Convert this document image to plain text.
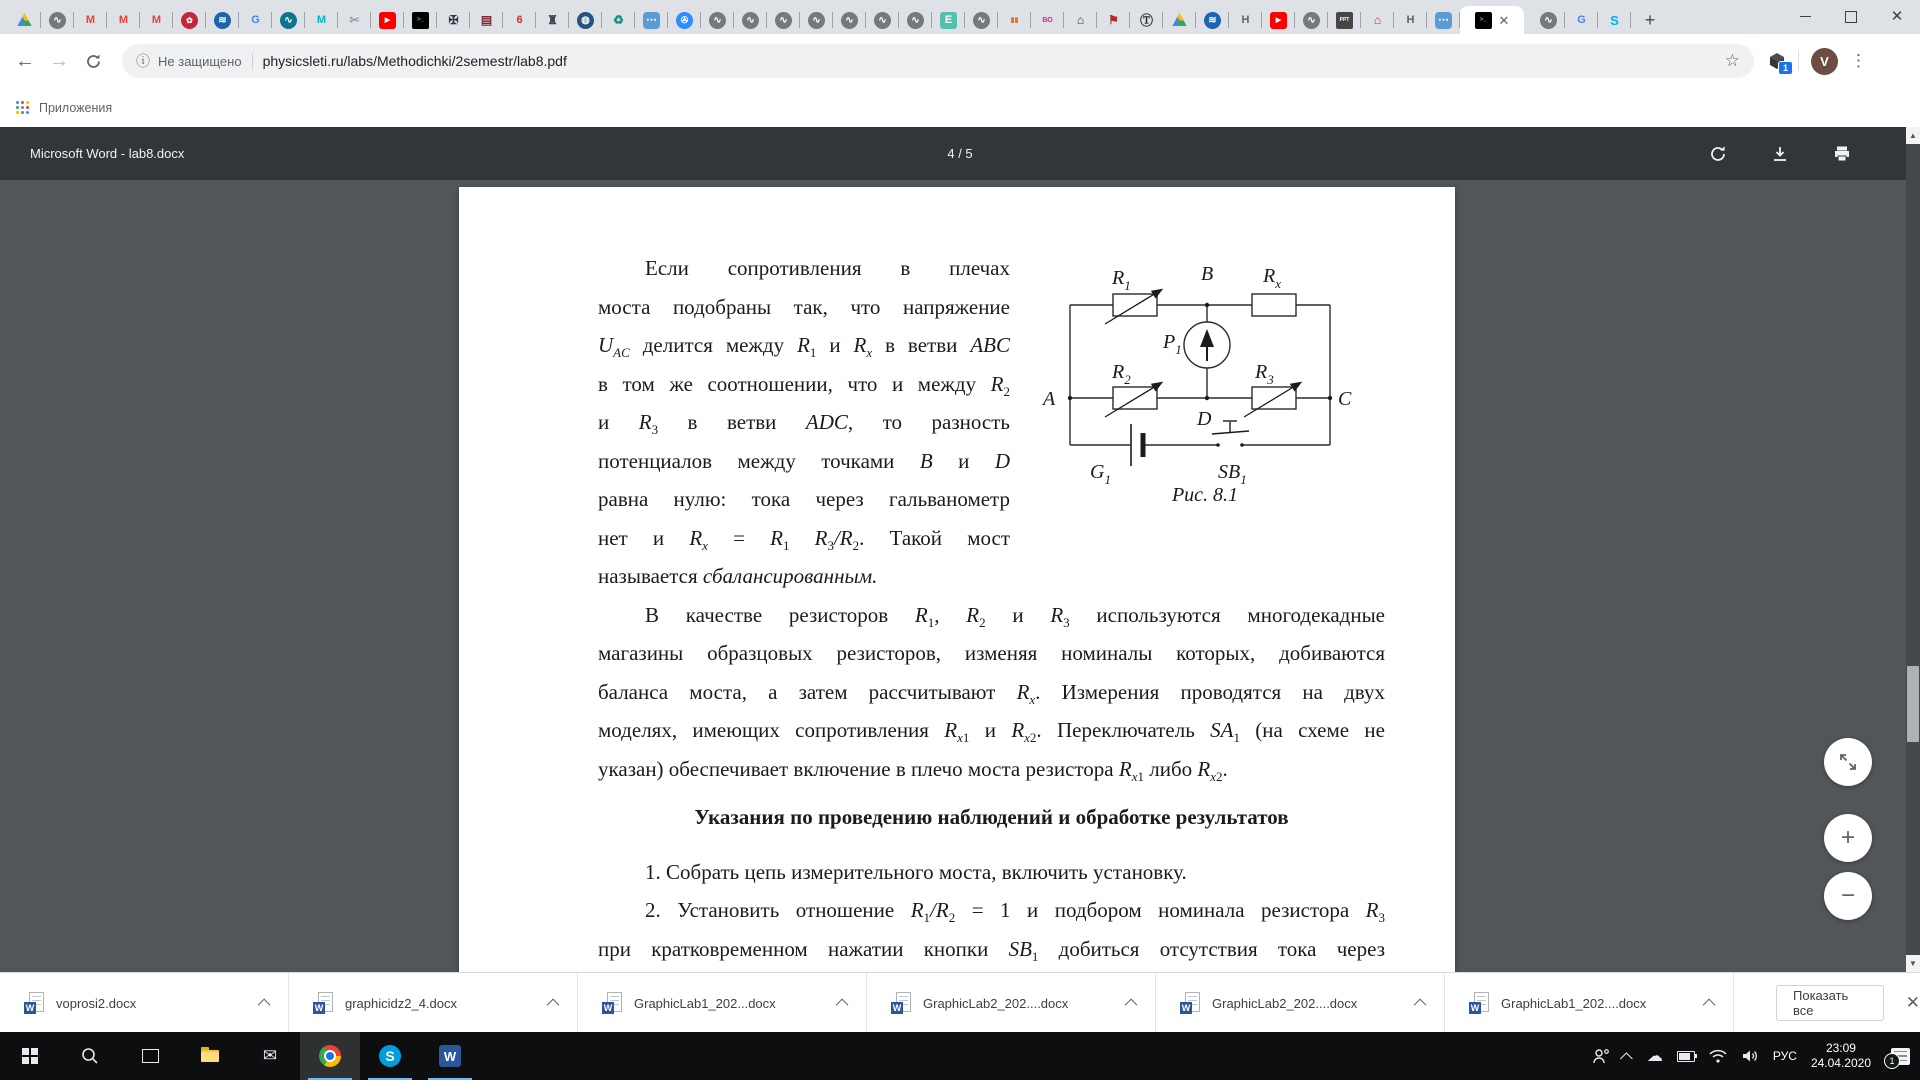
∿	M	M	M	✿	≋	G	∿	M	✂	▶	>_	✠ ▤	6	♜	◍	♻ ⋯	✇	∿	∿	∿	∿	∿	∿	∿	E	∿	▮▮	ВО	⌂	⚑ Ⓣ	≋	Н	▶	∿	PPT	⌂	Н	⋯	>_ ✕	∿	G	S	+	✕
← →	ⓘ Не защищено physicsleti.ru/labs/Methodichki/2semestr/lab8.pdf	☆	1	V	⋮
Приложения
Microsoft Word - lab8.docx	4 / 5
$R_1$
B $R_x$
$P_1$
$R_2$	$R_3$
A	C
D
$G_1$	$SB_1$
Рис. 8.1
Если сопротивления в плечах
моста подобраны так, что напряжение
$U_{AC}$ делится между $R_1$ и $R_x$ в ветви ABC
в том же соотношении, что и между $R_2$
и $R_3$ в ветви ADC, то разность
потенциалов между точками B и D
равна нулю: тока через гальванометр
нет и $R_x = R_1$ $R_3/R_2$. Такой мост
называется сбалансированным.
В качестве резисторов $R_1$, $R_2$ и $R_3$ используются многодекадные
магазины образцовых резисторов, изменяя номиналы которых, добиваются
баланса моста, а затем рассчитывают $R_x$. Измерения проводятся на двух
моделях, имеющих сопротивления $R_{x1}$ и $R_{x2}$. Переключатель $SA_1$ (на схеме не
указан) обеспечивает включение в плечо моста резистора $R_{x1}$ либо $R_{x2}$.
Указания по проведению наблюдений и обработке результатов
1. Собрать цепь измерительного моста, включить установку.
2. Установить отношение $R_1/R_2 = 1$ и подбором номинала резистора $R_3$
при кратковременном нажатии кнопки $SB_1$ добиться отсутствия тока через
+
−
▲
▼
W voprosi2.docx	W graphicidz2_4.docx	W GraphicLab1_202...docx	W GraphicLab2_202....docx	W GraphicLab2_202....docx	W GraphicLab1_202....docx	Показать все	✕
✉	S	W	☁	РУС
23:09
24.04.2020	1
